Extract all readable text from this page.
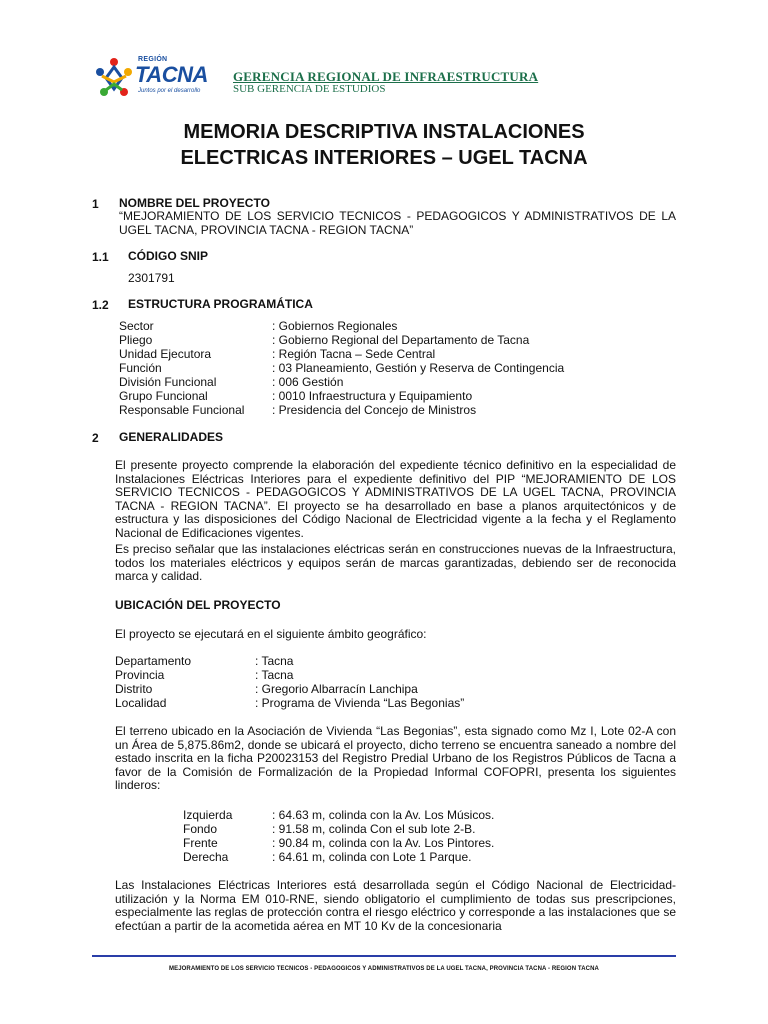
REGIÓN
TACNA
Juntos por el desarrollo
GERENCIA REGIONAL DE INFRAESTRUCTURA
SUB GERENCIA DE ESTUDIOS
MEMORIA DESCRIPTIVA INSTALACIONES
ELECTRICAS INTERIORES – UGEL TACNA
1 NOMBRE DEL PROYECTO
“MEJORAMIENTO DE LOS SERVICIO TECNICOS - PEDAGOGICOS Y ADMINISTRATIVOS DE LA UGEL TACNA, PROVINCIA TACNA - REGION TACNA”
1.1 CÓDIGO SNIP
2301791
1.2 ESTRUCTURA PROGRAMÁTICA
Sector	: Gobiernos Regionales
Pliego	: Gobierno Regional del Departamento de Tacna
Unidad Ejecutora	: Región Tacna – Sede Central
Función	: 03 Planeamiento, Gestión y Reserva de Contingencia
División Funcional	: 006 Gestión
Grupo Funcional	: 0010 Infraestructura y Equipamiento
Responsable Funcional : Presidencia del Concejo de Ministros
2 GENERALIDADES
El presente proyecto comprende la elaboración del expediente técnico definitivo en la especialidad de Instalaciones Eléctricas Interiores para el expediente definitivo del PIP “MEJORAMIENTO DE LOS SERVICIO TECNICOS - PEDAGOGICOS Y ADMINISTRATIVOS DE LA UGEL TACNA, PROVINCIA TACNA - REGION TACNA”. El proyecto se ha desarrollado en base a planos arquitectónicos y de estructura y las disposiciones del Código Nacional de Electricidad vigente a la fecha y el Reglamento Nacional de Edificaciones vigentes.
Es preciso señalar que las instalaciones eléctricas serán en construcciones nuevas de la Infraestructura, todos los materiales eléctricos y equipos serán de marcas garantizadas, debiendo ser de reconocida marca y calidad.
UBICACIÓN DEL PROYECTO
El proyecto se ejecutará en el siguiente ámbito geográfico:
Departamento	: Tacna
Provincia	: Tacna
Distrito	: Gregorio Albarracín Lanchipa
Localidad	: Programa de Vivienda “Las Begonias”
El terreno ubicado en la Asociación de Vivienda “Las Begonias”, esta signado como Mz I, Lote 02-A con un Área de 5,875.86m2, donde se ubicará el proyecto, dicho terreno se encuentra saneado a nombre del estado inscrita en la ficha P20023153 del Registro Predial Urbano de los Registros Públicos de Tacna a favor de la Comisión de Formalización de la Propiedad Informal COFOPRI, presenta los siguientes linderos:
Izquierda	: 64.63 m, colinda con la Av. Los Músicos.
Fondo	: 91.58 m, colinda Con el sub lote 2-B.
Frente	: 90.84 m, colinda con la Av. Los Pintores.
Derecha	: 64.61 m, colinda con Lote 1 Parque.
Las Instalaciones Eléctricas Interiores está desarrollada según el Código Nacional de Electricidad-utilización y la Norma EM 010-RNE, siendo obligatorio el cumplimiento de todas sus prescripciones, especialmente las reglas de protección contra el riesgo eléctrico y corresponde a las instalaciones que se efectúan a partir de la acometida aérea en MT 10 Kv de la concesionaria
MEJORAMIENTO DE LOS SERVICIO TECNICOS - PEDAGOGICOS Y ADMINISTRATIVOS DE LA UGEL TACNA, PROVINCIA TACNA - REGION TACNA
